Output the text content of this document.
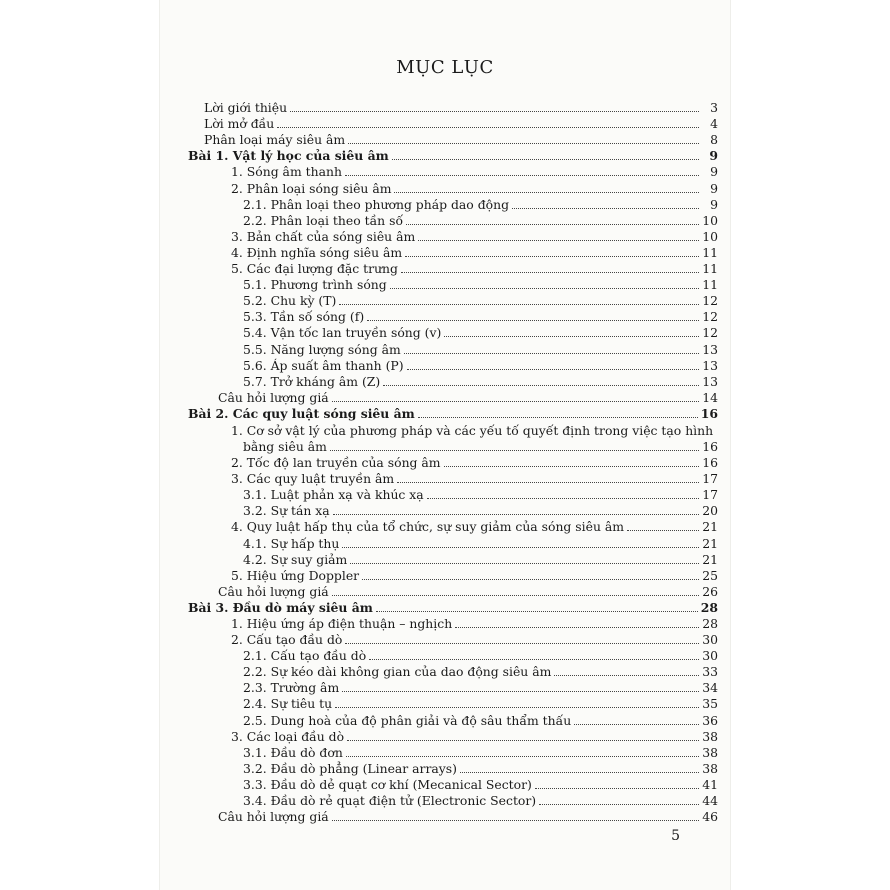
MỤC LỤC
Lời giới thiệu	3
Lời mở đầu	4
Phân loại máy siêu âm	8
Bài 1. Vật lý học của siêu âm	9
1. Sóng âm thanh	9
2. Phân loại sóng siêu âm	9
2.1. Phân loại theo phương pháp dao động	9
2.2. Phân loại theo tần số	10
3. Bản chất của sóng siêu âm	10
4. Định nghĩa sóng siêu âm	11
5. Các đại lượng đặc trưng	11
5.1. Phương trình sóng	11
5.2. Chu kỳ (T)	12
5.3. Tần số sóng (f)	12
5.4. Vận tốc lan truyền sóng (v)	12
5.5. Năng lượng sóng âm	13
5.6. Áp suất âm thanh (P)	13
5.7. Trở kháng âm (Z)	13
Câu hỏi lượng giá	14
Bài 2. Các quy luật sóng siêu âm	16
1. Cơ sở vật lý của phương pháp và các yếu tố quyết định trong việc tạo hình
bằng siêu âm	16
2. Tốc độ lan truyền của sóng âm	16
3. Các quy luật truyền âm	17
3.1. Luật phản xạ và khúc xạ	17
3.2. Sự tán xạ	20
4. Quy luật hấp thụ của tổ chức, sự suy giảm của sóng siêu âm	21
4.1. Sự hấp thụ	21
4.2. Sự suy giảm	21
5. Hiệu ứng Doppler	25
Câu hỏi lượng giá	26
Bài 3. Đầu dò máy siêu âm	28
1. Hiệu ứng áp điện thuận – nghịch	28
2. Cấu tạo đầu dò	30
2.1. Cấu tạo đầu dò	30
2.2. Sự kéo dài không gian của dao động siêu âm	33
2.3. Trường âm	34
2.4. Sự tiêu tụ	35
2.5. Dung hoà của độ phân giải và độ sâu thẩm thấu	36
3. Các loại đầu dò	38
3.1. Đầu dò đơn	38
3.2. Đầu dò phẳng (Linear arrays)	38
3.3. Đầu dò dẻ quạt cơ khí (Mecanical Sector)	41
3.4. Đầu dò rẻ quạt điện tử (Electronic Sector)	44
Câu hỏi lượng giá	46
5
